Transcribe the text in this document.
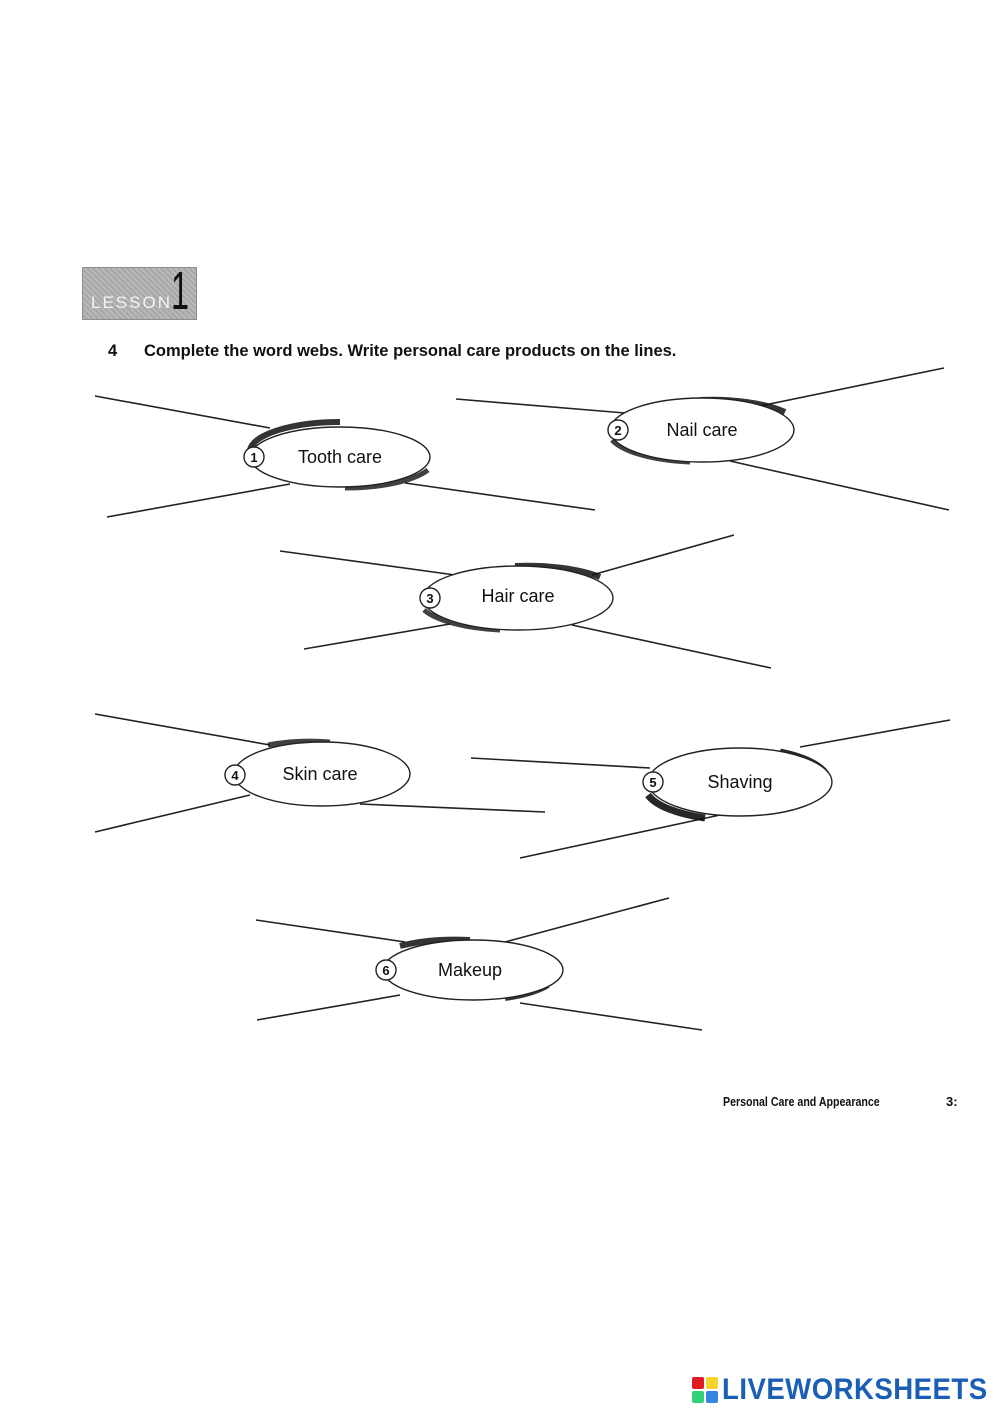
LESSON 1
4 Complete the word webs. Write personal care products on the lines.
1 Tooth care
2 Nail care
3	Hair care
4 Skin care	5	Shaving
6	Makeup
Personal Care and Appearance	3:
LIVEWORKSHEETS
